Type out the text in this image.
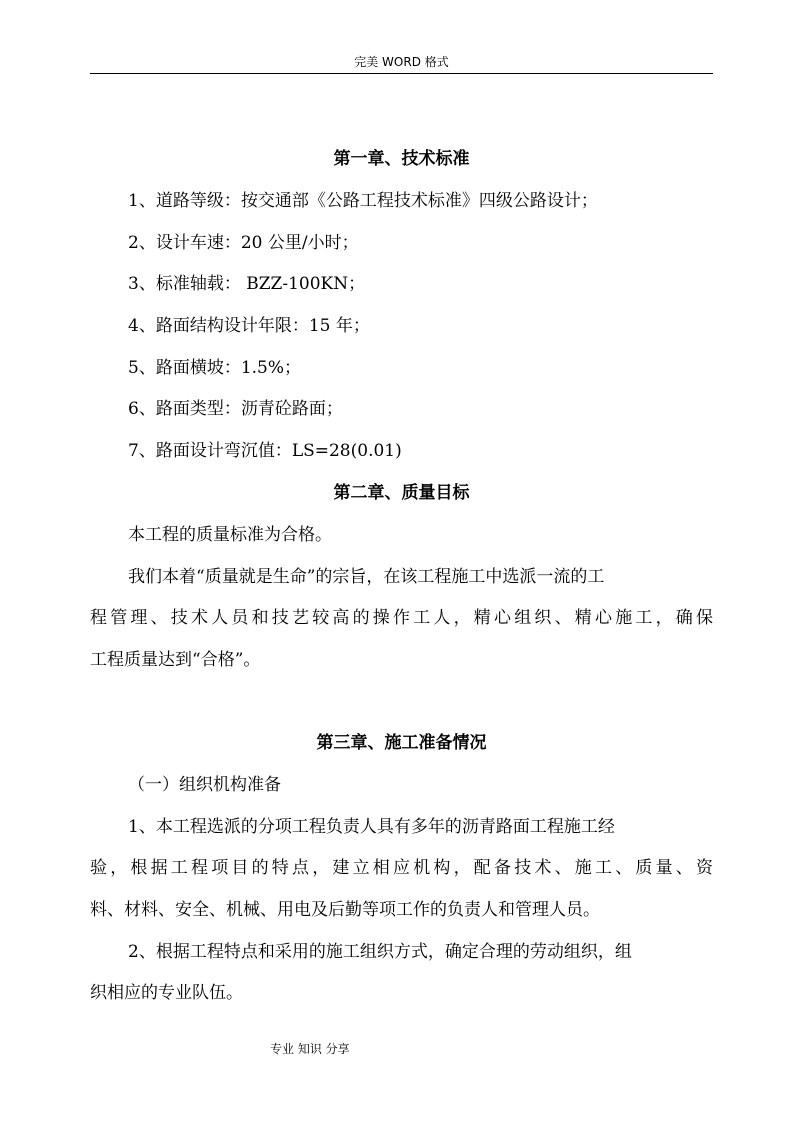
完美 WORD 格式
第一章、技术标准
1、道路等级：按交通部《公路工程技术标准》四级公路设计；
2、设计车速：20 公里/小时；
3、标准轴载： BZZ-100KN；
4、路面结构设计年限：15 年；
5、路面横坡：1.5%；
6、路面类型：沥青砼路面；
7、路面设计弯沉值：LS=28(0.01)
第二章、质量目标
本工程的质量标准为合格。
我们本着“质量就是生命”的宗旨，在该工程施工中选派一流的工
程管理、技术人员和技艺较高的操作工人，精心组织、精心施工，确保
工程质量达到“合格”。
第三章、施工准备情况
（一）组织机构准备
1、本工程选派的分项工程负责人具有多年的沥青路面工程施工经
验，根据工程项目的特点，建立相应机构，配备技术、施工、质量、资
料、材料、安全、机械、用电及后勤等项工作的负责人和管理人员。
2、根据工程特点和采用的施工组织方式，确定合理的劳动组织，组
织相应的专业队伍。
专业 知识 分享
